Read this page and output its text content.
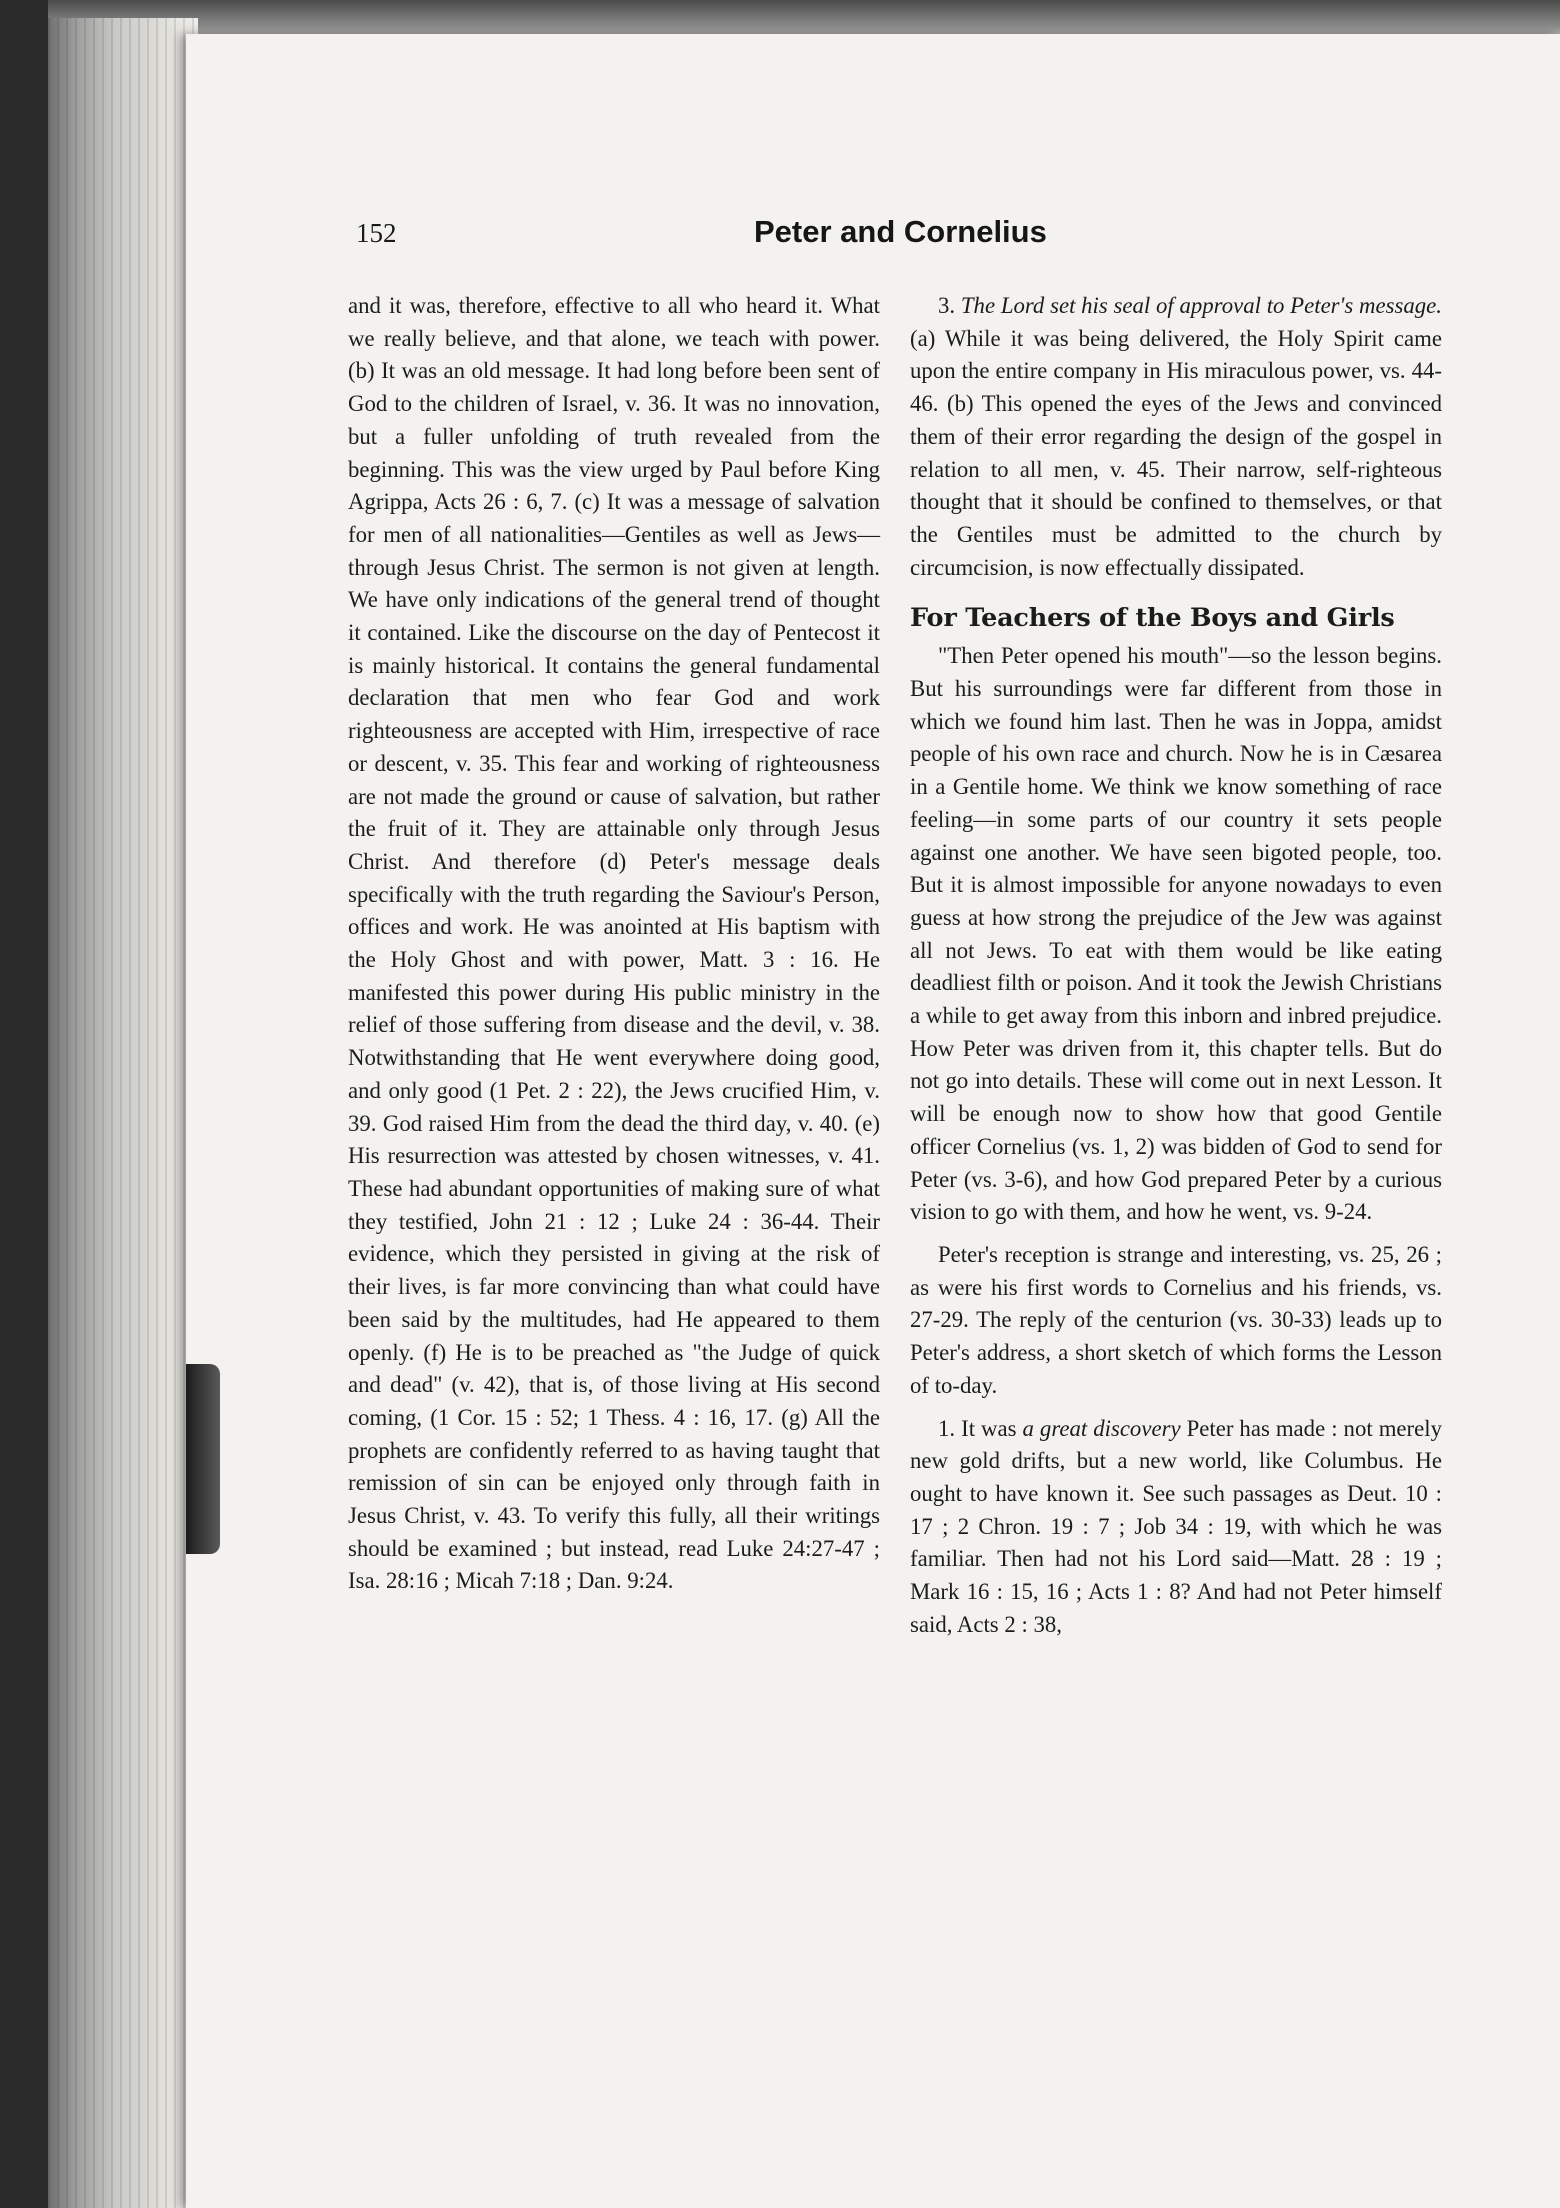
152	Peter and Cornelius

and it was, therefore, effective to all who heard it. What we really believe, and that alone, we teach with power. (b) It was an old message. It had long before been sent of God to the children of Israel, v. 36. It was no innovation, but a fuller unfolding of truth revealed from the beginning. This was the view urged by Paul before King Agrippa, Acts 26 : 6, 7. (c) It was a message of salvation for men of all nationalities—Gentiles as well as Jews—through Jesus Christ. The sermon is not given at length. We have only indications of the general trend of thought it contained. Like the discourse on the day of Pentecost it is mainly historical. It contains the general fundamental declaration that men who fear God and work righteousness are accepted with Him, irrespective of race or descent, v. 35. This fear and working of righteousness are not made the ground or cause of salvation, but rather the fruit of it. They are attainable only through Jesus Christ. And therefore (d) Peter's message deals specifically with the truth regarding the Saviour's Person, offices and work. He was anointed at His baptism with the Holy Ghost and with power, Matt. 3 : 16. He manifested this power during His public ministry in the relief of those suffering from disease and the devil, v. 38. Notwithstanding that He went everywhere doing good, and only good (1 Pet. 2 : 22), the Jews crucified Him, v. 39. God raised Him from the dead the third day, v. 40. (e) His resurrection was attested by chosen witnesses, v. 41. These had abundant opportunities of making sure of what they testified, John 21 : 12 ; Luke 24 : 36-44. Their evidence, which they persisted in giving at the risk of their lives, is far more convincing than what could have been said by the multitudes, had He appeared to them openly. (f) He is to be preached as "the Judge of quick and dead" (v. 42), that is, of those living at His second coming, (1 Cor. 15 : 52; 1 Thess. 4 : 16, 17. (g) All the prophets are confidently referred to as having taught that remission of sin can be enjoyed only through faith in Jesus Christ, v. 43. To verify this fully, all their writings should be examined ; but instead, read Luke 24:27-47 ; Isa. 28:16 ; Micah 7:18 ; Dan. 9:24.

3. The Lord set his seal of approval to Peter's message. (a) While it was being delivered, the Holy Spirit came upon the entire company in His miraculous power, vs. 44-46. (b) This opened the eyes of the Jews and convinced them of their error regarding the design of the gospel in relation to all men, v. 45. Their narrow, self-righteous thought that it should be confined to themselves, or that the Gentiles must be admitted to the church by circumcision, is now effectually dissipated.

For Teachers of the Boys and Girls

"Then Peter opened his mouth"—so the lesson begins. But his surroundings were far different from those in which we found him last. Then he was in Joppa, amidst people of his own race and church. Now he is in Cæsarea in a Gentile home. We think we know something of race feeling—in some parts of our country it sets people against one another. We have seen bigoted people, too. But it is almost impossible for anyone nowadays to even guess at how strong the prejudice of the Jew was against all not Jews. To eat with them would be like eating deadliest filth or poison. And it took the Jewish Christians a while to get away from this inborn and inbred prejudice. How Peter was driven from it, this chapter tells. But do not go into details. These will come out in next Lesson. It will be enough now to show how that good Gentile officer Cornelius (vs. 1, 2) was bidden of God to send for Peter (vs. 3-6), and how God prepared Peter by a curious vision to go with them, and how he went, vs. 9-24.

Peter's reception is strange and interesting, vs. 25, 26 ; as were his first words to Cornelius and his friends, vs. 27-29. The reply of the centurion (vs. 30-33) leads up to Peter's address, a short sketch of which forms the Lesson of to-day.

1. It was a great discovery Peter has made : not merely new gold drifts, but a new world, like Columbus. He ought to have known it. See such passages as Deut. 10 : 17 ; 2 Chron. 19 : 7 ; Job 34 : 19, with which he was familiar. Then had not his Lord said—Matt. 28 : 19 ; Mark 16 : 15, 16 ; Acts 1 : 8? And had not Peter himself said, Acts 2 : 38,
